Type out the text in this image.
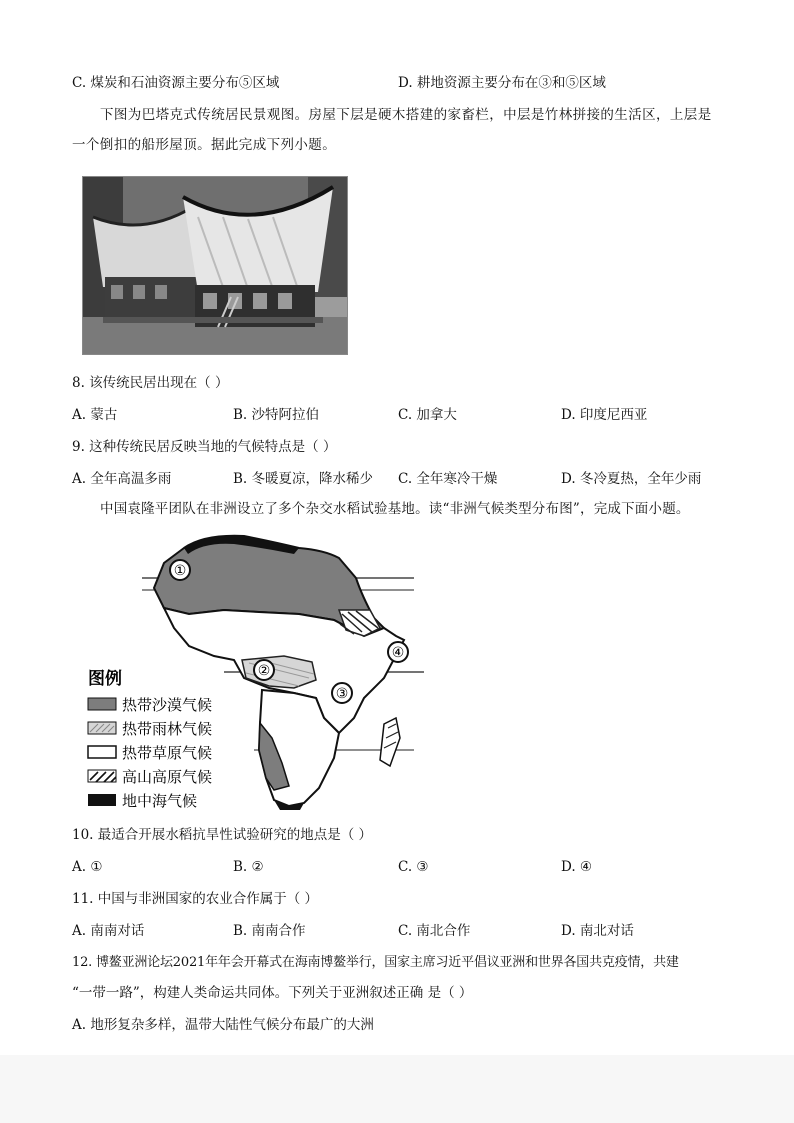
C. 煤炭和石油资源主要分布⑤区域	D. 耕地资源主要分布在③和⑤区域
下图为巴塔克式传统居民景观图。房屋下层是硬木搭建的家畜栏，中层是竹林拼接的生活区，上层是
一个倒扣的船形屋顶。据此完成下列小题。
8. 该传统民居出现在（ ）
A. 蒙古	B. 沙特阿拉伯	C. 加拿大	D. 印度尼西亚
9. 这种传统民居反映当地的气候特点是（ ）
A. 全年高温多雨	B. 冬暖夏凉，降水稀少 C. 全年寒冷干燥	D. 冬冷夏热，全年少雨
中国袁隆平团队在非洲设立了多个杂交水稻试验基地。读“非洲气候类型分布图”，完成下面小题。
①
②
③
④
图例
热带沙漠气候
热带雨林气候
热带草原气候
高山高原气候
地中海气候
10. 最适合开展水稻抗旱性试验研究的地点是（ ）
A. ①	B. ②	C. ③	D. ④
11. 中国与非洲国家的农业合作属于（ ）
A. 南南对话	B. 南南合作	C. 南北合作	D. 南北对话
12. 博鳌亚洲论坛2021年年会开幕式在海南博鳌举行，国家主席习近平倡议亚洲和世界各国共克疫情，共建
“一带一路”，构建人类命运共同体。下列关于亚洲叙述正确 是（ ）
A. 地形复杂多样，温带大陆性气候分布最广的大洲
